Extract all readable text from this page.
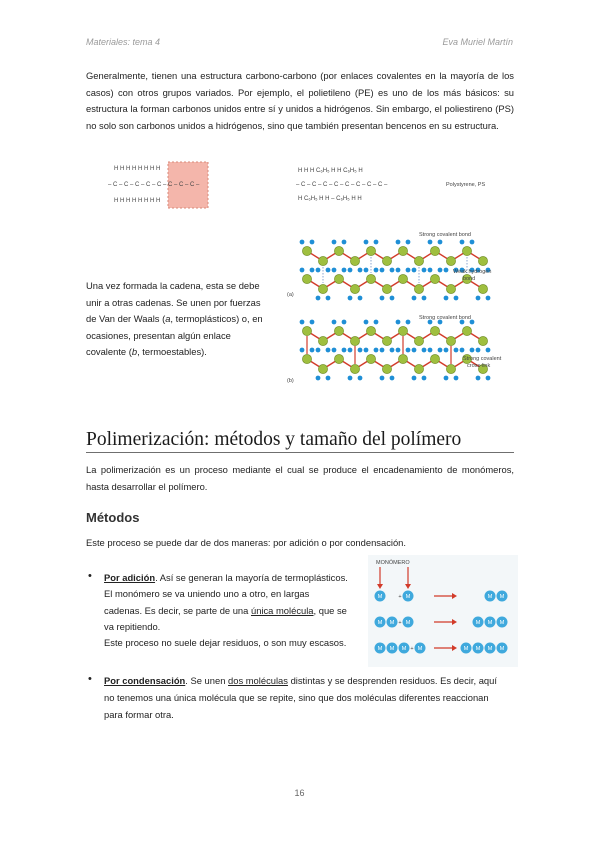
Materiales: tema 4	Eva Muriel Martín
Generalmente, tienen una estructura carbono-carbono (por enlaces covalentes en la mayoría de los casos) con otros grupos variados. Por ejemplo, el polietileno (PE) es uno de los más básicos: su estructura la forman carbonos unidos entre sí y unidos a hidrógenos. Sin embargo, el poliestireno (PS) no solo son carbonos unidos a hidrógenos, sino que también presentan bencenos en su estructura.
H H H H H H H H
– C – C – C – C – C – C – C – C –
H H H H H H H H
H H H C₆H₅ H H C₆H₅ H
– C – C – C – C – C – C – C – C –
H C₆H₅ H H – C₆H₅ H H
Polystyrene, PS
Una vez formada la cadena, esta se debe
unir a otras cadenas. Se unen por fuerzas
de Van der Waals (a, termoplásticos) o, en
ocasiones, presentan algún enlace
covalente (b, termoestables).
(a)
(b)
Strong covalent bond
Weak hydrogen
bond
Strong covalent bond
Strong covalent
cross-link
Polimerización: métodos y tamaño del polímero
La polimerización es un proceso mediante el cual se produce el encadenamiento de monómeros, hasta desarrollar el polímero.
Métodos
Este proceso se puede dar de dos maneras: por adición o por condensación.
• Por adición. Así se generan la mayoría de termoplásticos.
El monómero se va uniendo uno a otro, en largas
cadenas. Es decir, se parte de una única molécula, que se
va repitiendo.
Este proceso no suele dejar residuos, o son muy escasos.
MONÓMERO
M	+ M	M M
M M + M	M M M
M M M + M	M M M M
• Por condensación. Se unen dos moléculas distintas y se desprenden residuos. Es decir, aquí
no tenemos una única molécula que se repite, sino que dos moléculas diferentes reaccionan
para formar otra.
16
